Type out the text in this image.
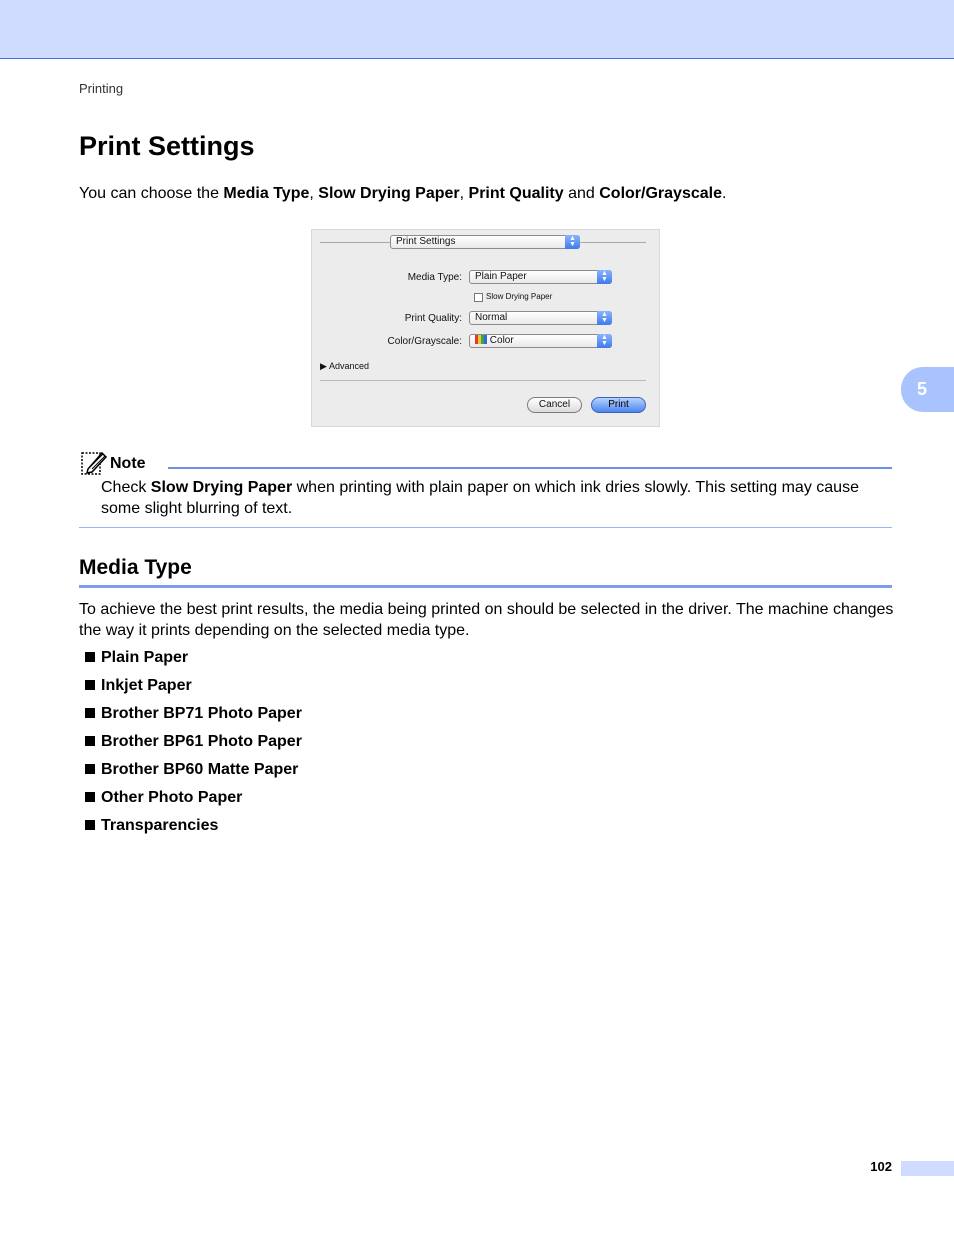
Printing
Print Settings

You can choose the Media Type, Slow Drying Paper, Print Quality and Color/Grayscale.

Print Settings	▲
▼
Media Type:	Plain Paper	▲
▼
Slow Drying Paper
Print Quality:	Normal	▲
▼
Color/Grayscale:	Color	▲
▼
▶ Advanced
Cancel	Print
5
Note

Check Slow Drying Paper when printing with plain paper on which ink dries slowly. This setting may cause some slight blurring of text.

Media Type

To achieve the best print results, the media being printed on should be selected in the driver. The machine changes the way it prints depending on the selected media type.

Plain Paper
Inkjet Paper
Brother BP71 Photo Paper
Brother BP61 Photo Paper
Brother BP60 Matte Paper
Other Photo Paper
Transparencies
102
